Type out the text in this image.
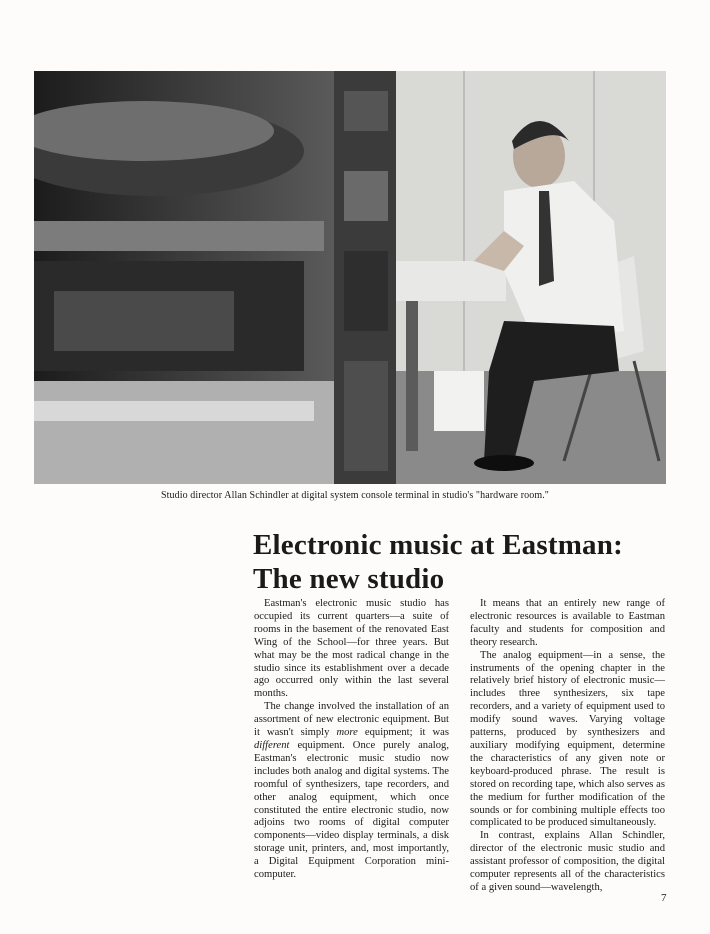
Studio director Allan Schindler at digital system console terminal in studio's "hardware room."
Electronic music at Eastman:
The new studio

Eastman's electronic music studio has occupied its current quarters—a suite of rooms in the basement of the renovated East Wing of the School—for three years. But what may be the most radical change in the studio since its establishment over a decade ago occurred only within the last several months.

The change involved the installation of an assortment of new electronic equipment. But it wasn't simply more equipment; it was different equipment. Once purely analog, Eastman's electronic music studio now includes both analog and digital systems. The roomful of synthesizers, tape recorders, and other analog equipment, which once constituted the entire electronic studio, now adjoins two rooms of digital computer components—video display terminals, a disk storage unit, printers, and, most importantly, a Digital Equipment Corporation mini-computer.

It means that an entirely new range of electronic resources is available to Eastman faculty and students for composition and theory research.

The analog equipment—in a sense, the instruments of the opening chapter in the relatively brief history of electronic music—includes three synthesizers, six tape recorders, and a variety of equipment used to modify sound waves. Varying voltage patterns, produced by synthesizers and auxiliary modifying equipment, determine the characteristics of any given note or keyboard-produced phrase. The result is stored on recording tape, which also serves as the medium for further modification of the sounds or for combining multiple effects too complicated to be produced simultaneously.

In contrast, explains Allan Schindler, director of the electronic music studio and assistant professor of composition, the digital computer represents all of the characteristics of a given sound—wavelength,

7
